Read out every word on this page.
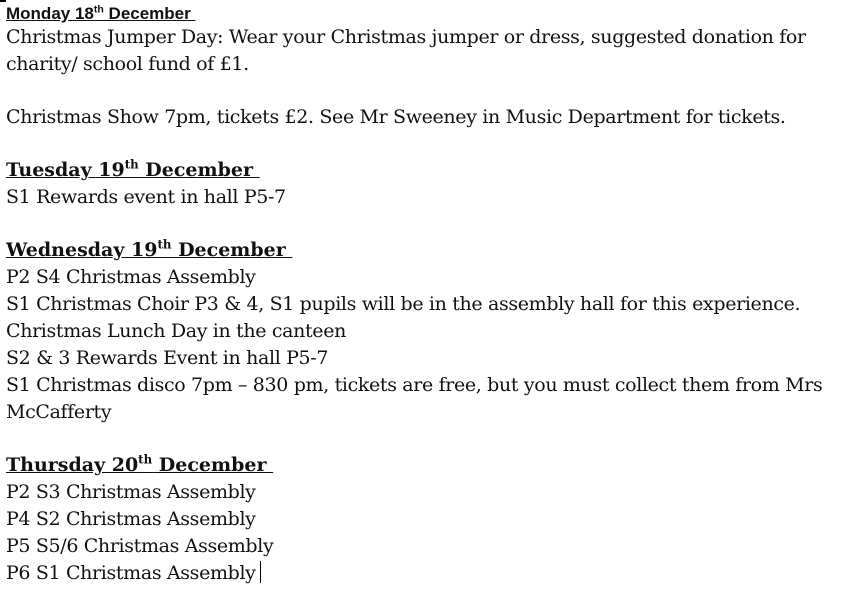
Monday 18th December
Christmas Jumper Day: Wear your Christmas jumper or dress, suggested donation for charity/ school fund of £1.
Christmas Show 7pm, tickets £2. See Mr Sweeney in Music Department for tickets.
Tuesday 19th December
S1 Rewards event in hall P5-7
Wednesday 19th December
P2 S4 Christmas Assembly
S1 Christmas Choir P3 & 4, S1 pupils will be in the assembly hall for this experience.
Christmas Lunch Day in the canteen
S2 & 3 Rewards Event in hall P5-7
S1 Christmas disco 7pm – 830 pm, tickets are free, but you must collect them from Mrs McCafferty
Thursday 20th December
P2 S3 Christmas Assembly
P4 S2 Christmas Assembly
P5 S5/6 Christmas Assembly
P6 S1 Christmas Assembly
